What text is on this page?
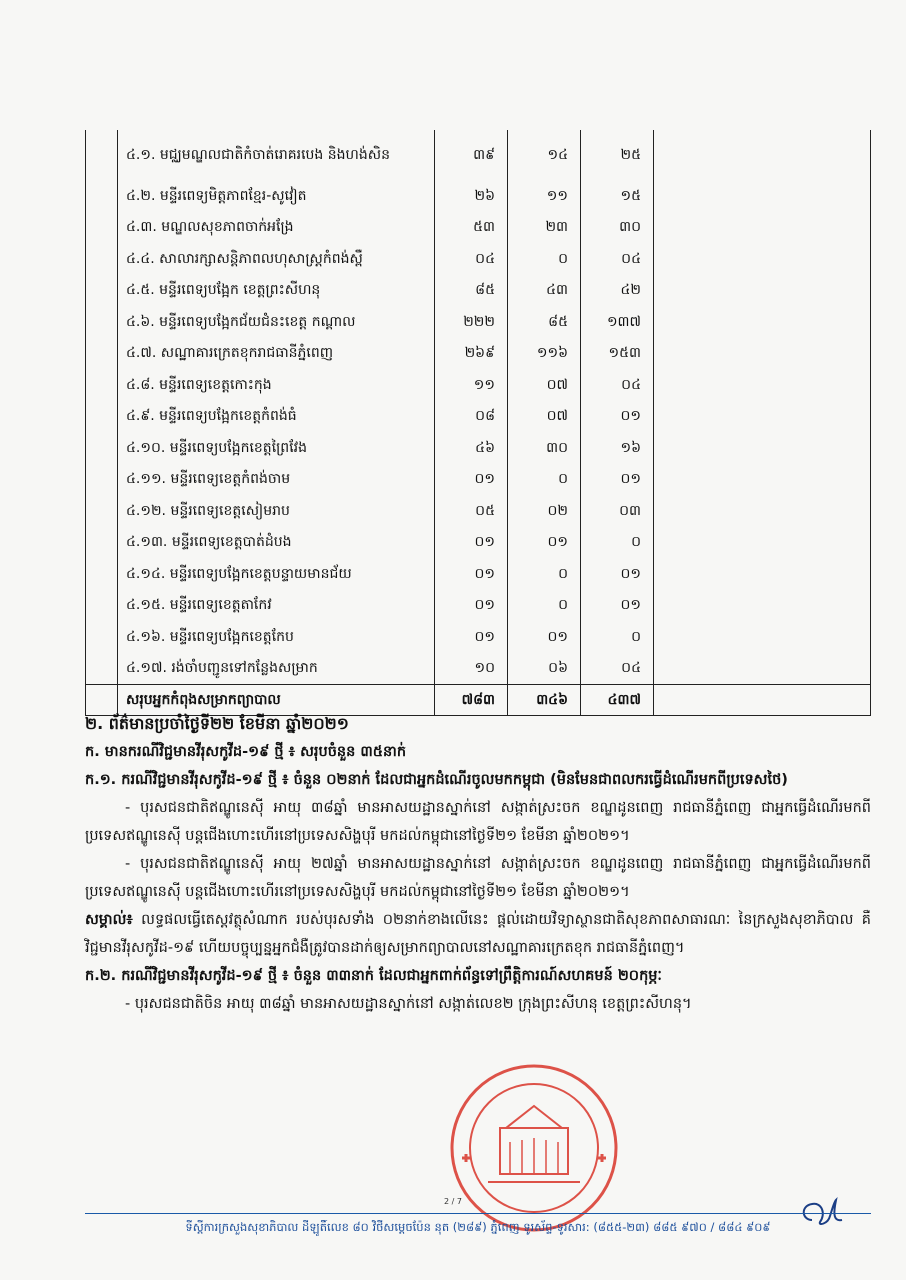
	៤.១. មជ្ឈមណ្ឌលជាតិកំចាត់រោគរបេង និងហង់សិន	៣៩	១៤	២៥	
	៤.២. មន្ទីរពេទ្យមិត្តភាពខ្មែរ-សូវៀត	២៦	១១	១៥	
	៤.៣. មណ្ឌលសុខភាពចាក់អង្រែ	៥៣	២៣	៣០	
	៤.៤. សាលារក្សាសន្តិភាពលហុសាស្ត្រកំពង់ស្ពឺ	០៤	០	០៤	
	៤.៥. មន្ទីរពេទ្យបង្អែក ខេត្តព្រះសីហនុ	៨៥	៤៣	៤២	
	៤.៦. មន្ទីរពេទ្យបង្អែកជ័យជំនះខេត្ត កណ្ដាល	២២២	៨៥	១៣៧	
	៤.៧. សណ្ឋាគារក្រេតខុករាជធានីភ្នំពេញ	២៦៩	១១៦	១៥៣	
	៤.៨. មន្ទីរពេទ្យខេត្តកោះកុង	១១	០៧	០៤	
	៤.៩. មន្ទីរពេទ្យបង្អែកខេត្តកំពង់ធំ	០៨	០៧	០១	
	៤.១០. មន្ទីរពេទ្យបង្អែកខេត្តព្រៃវែង	៤៦	៣០	១៦	
	៤.១១. មន្ទីរពេទ្យខេត្តកំពង់ចាម	០១	០	០១	
	៤.១២. មន្ទីរពេទ្យខេត្តសៀមរាប	០៥	០២	០៣	
	៤.១៣. មន្ទីរពេទ្យខេត្តបាត់ដំបង	០១	០១	០	
	៤.១៤. មន្ទីរពេទ្យបង្អែកខេត្តបន្ទាយមានជ័យ	០១	០	០១	
	៤.១៥. មន្ទីរពេទ្យខេត្តតាកែវ	០១	០	០១	
	៤.១៦. មន្ទីរពេទ្យបង្អែកខេត្តកែប	០១	០១	០	
	៤.១៧. រង់ចាំបញ្ជូនទៅកន្លែងសម្រាក	១០	០៦	០៤	
	សរុបអ្នកកំពុងសម្រាកព្យាបាល	៧៨៣	៣៤៦	៤៣៧	
២. ព័ត៌មានប្រចាំថ្ងៃទី២២ ខែមីនា ឆ្នាំ២០២១
ក. មានករណីវិជ្ជមានវីរុសកូវីដ-១៩ ថ្មី ៖ សរុបចំនួន ៣៥នាក់
ក.១. ករណីវិជ្ជមានវីរុសកូវីដ-១៩ ថ្មី ៖ ចំនួន ០២នាក់ ដែលជាអ្នកដំណើរចូលមកកម្ពុជា (មិនមែនជាពលករធ្វើដំណើរមកពីប្រទេសថៃ)
- បុរសជនជាតិឥណ្ឌូនេស៊ី អាយុ ៣៨ឆ្នាំ មានអាសយដ្ឋានស្នាក់នៅ សង្កាត់ស្រះចក ខណ្ឌដូនពេញ រាជធានីភ្នំពេញ ជាអ្នកធ្វើដំណើរមកពីប្រទេសឥណ្ឌូនេស៊ី បន្តជើងហោះហើរនៅប្រទេសសិង្ហបុរី មកដល់កម្ពុជានៅថ្ងៃទី២១ ខែមីនា ឆ្នាំ២០២១។
- បុរសជនជាតិឥណ្ឌូនេស៊ី អាយុ ២៧ឆ្នាំ មានអាសយដ្ឋានស្នាក់នៅ សង្កាត់ស្រះចក ខណ្ឌដូនពេញ រាជធានីភ្នំពេញ ជាអ្នកធ្វើដំណើរមកពីប្រទេសឥណ្ឌូនេស៊ី បន្តជើងហោះហើរនៅប្រទេសសិង្ហបុរី មកដល់កម្ពុជានៅថ្ងៃទី២១ ខែមីនា ឆ្នាំ២០២១។
សម្គាល់៖ លទ្ធផលធ្វើតេស្តវត្ថុសំណាក របស់បុរសទាំង ០២នាក់ខាងលើនេះ ផ្តល់ដោយវិទ្យាស្ថានជាតិសុខភាពសាធារណៈ នៃក្រសួងសុខាភិបាល គឺ វិជ្ជមានវីរុសកូវីដ-១៩ ហើយបច្ចុប្បន្នអ្នកជំងឺត្រូវបានដាក់ឲ្យសម្រាកព្យាបាលនៅសណ្ឋាគារក្រេតខុក រាជធានីភ្នំពេញ។
ក.២. ករណីវិជ្ជមានវីរុសកូវីដ-១៩ ថ្មី ៖ ចំនួន ៣៣នាក់ ដែលជាអ្នកពាក់ព័ន្ធទៅព្រឹត្តិការណ៍សហគមន៍ ២០កុម្ភៈ
- បុរសជនជាតិចិន អាយុ ៣៨ឆ្នាំ មានអាសយដ្ឋានស្នាក់នៅ សង្កាត់លេខ២ ក្រុងព្រះសីហនុ ខេត្តព្រះសីហនុ។
2 / 7
ទីស្តីការក្រសួងសុខាភិបាល ដីឡូតិ៍លេខ ៨០ វិថីសម្ដេចប៉ែន នុត (២៨៩) ភ្នំពេញ ទូរស័ព្ទ-ទូរសារ: (៨៥៥-២៣) ៨៨៥ ៩៧០ / ៨៨៤ ៩០៩
